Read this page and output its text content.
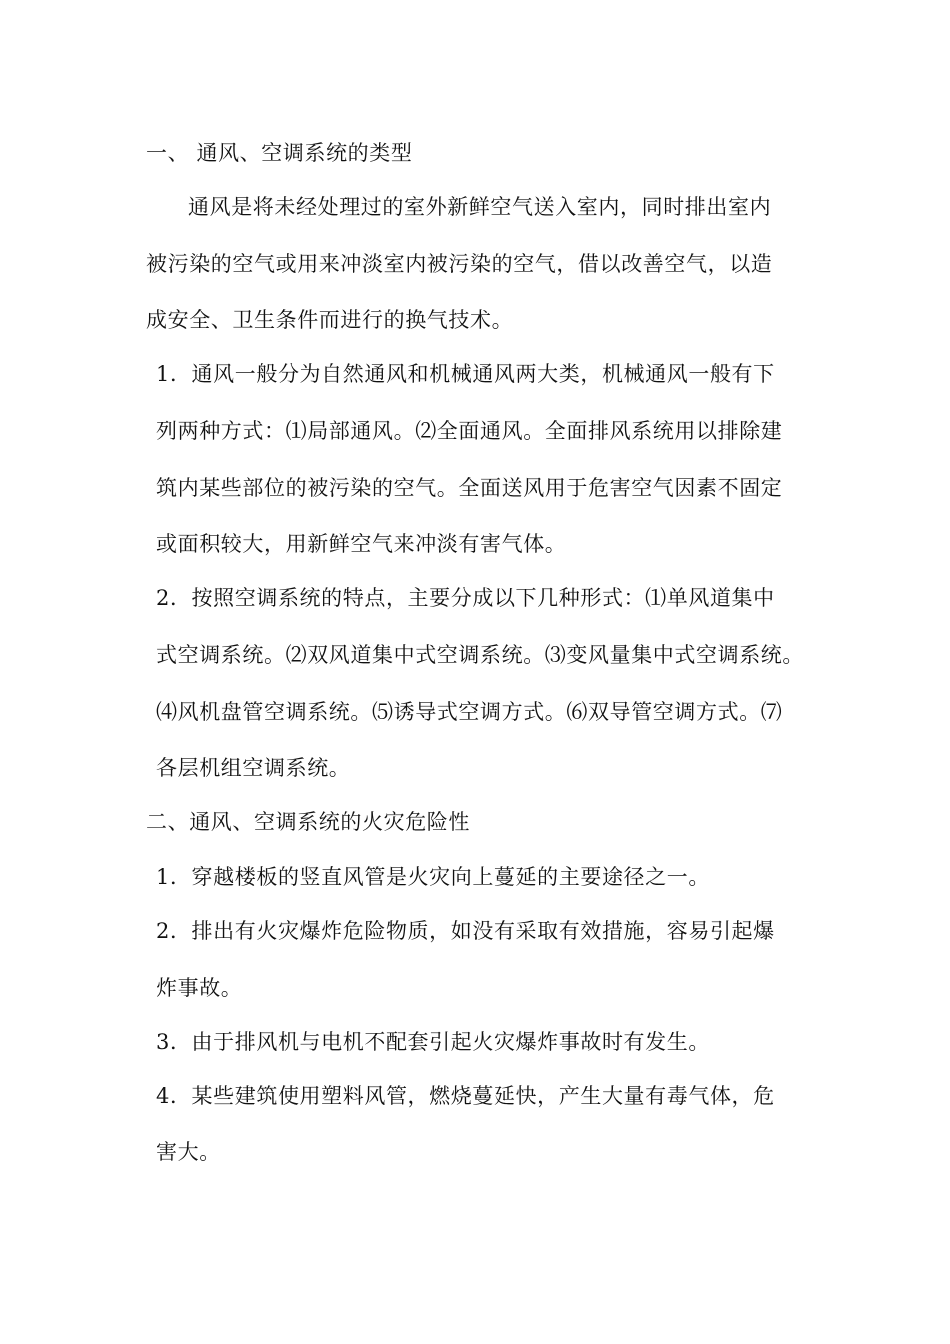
一、 通风、空调系统的类型
通风是将未经处理过的室外新鲜空气送入室内，同时排出室内
被污染的空气或用来冲淡室内被污染的空气，借以改善空气，以造
成安全、卫生条件而进行的换气技术。
1．通风一般分为自然通风和机械通风两大类，机械通风一般有下
列两种方式：⑴局部通风。⑵全面通风。全面排风系统用以排除建
筑内某些部位的被污染的空气。全面送风用于危害空气因素不固定
或面积较大，用新鲜空气来冲淡有害气体。
2．按照空调系统的特点，主要分成以下几种形式：⑴单风道集中
式空调系统。⑵双风道集中式空调系统。⑶变风量集中式空调系统。
⑷风机盘管空调系统。⑸诱导式空调方式。⑹双导管空调方式。⑺
各层机组空调系统。
二、通风、空调系统的火灾危险性
1．穿越楼板的竖直风管是火灾向上蔓延的主要途径之一。
2．排出有火灾爆炸危险物质，如没有采取有效措施，容易引起爆
炸事故。
3．由于排风机与电机不配套引起火灾爆炸事故时有发生。
4．某些建筑使用塑料风管，燃烧蔓延快，产生大量有毒气体，危
害大。
